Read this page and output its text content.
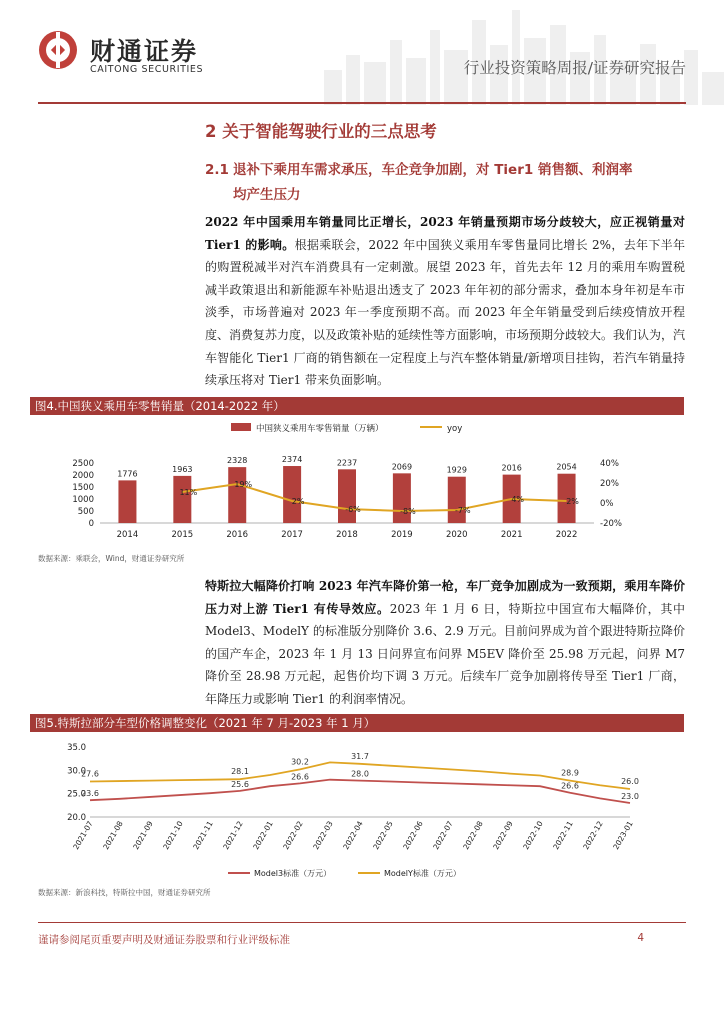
财通证券
CAITONG SECURITIES	行业投资策略周报/证券研究报告
2 关于智能驾驶行业的三点思考
2.1 退补下乘用车需求承压，车企竞争加剧，对 Tier1 销售额、利润率
均产生压力
2022 年中国乘用车销量同比正增长，2023 年销量预期市场分歧较大，应正视销量对 Tier1 的影响。根据乘联会，2022 年中国狭义乘用车零售量同比增长 2%，去年下半年的购置税减半对汽车消费具有一定刺激。展望 2023 年，首先去年 12 月的乘用车购置税减半政策退出和新能源车补贴退出透支了 2023 年年初的部分需求，叠加本身年初是车市淡季，市场普遍对 2023 年一季度预期不高。而 2023 年全年销量受到后续疫情放开程度、消费复苏力度，以及政策补贴的延续性等方面影响，市场预期分歧较大。我们认为，汽车智能化 Tier1 厂商的销售额在一定程度上与汽车整体销量/新增项目挂钩，若汽车销量持续承压将对 Tier1 带来负面影响。
图4.中国狭义乘用车零售销量（2014-2022 年）
中国狭义乘用车零售销量（万辆）	yoy
0
500
1000
1500
2000
2500
-20%
0%
20%
40%
1776
2014
1963
2015
2328
2016
2374
2017
2237
2018
2069
2019
1929
2020
2016
2021
2054
2022
11%
19%
2%
-6%	-8%	-7%
4%	2%
数据来源：乘联会，Wind，财通证券研究所
特斯拉大幅降价打响 2023 年汽车降价第一枪，车厂竞争加剧成为一致预期，乘用车降价压力对上游 Tier1 有传导效应。2023 年 1 月 6 日，特斯拉中国宣布大幅降价，其中 Model3、ModelY 的标准版分别降价 3.6、2.9 万元。目前问界成为首个跟进特斯拉降价的国产车企，2023 年 1 月 13 日问界宣布问界 M5EV 降价至 25.98 万元起，问界 M7 降价至 28.98 万元起，起售价均下调 3 万元。后续车厂竞争加剧将传导至 Tier1 厂商，年降压力或影响 Tier1 的利润率情况。
图5.特斯拉部分车型价格调整变化（2021 年 7 月-2023 年 1 月）
20.0
25.0
30.0
35.0
2021-07 2021-08 2021-09 2021-10 2021-11 2021-12 2022-01 2022-02 2022-03 2022-04 2022-05 2022-06 2022-07 2022-08 2022-09 2022-10 2022-11 2022-12 2023-01
23.6
25.6
26.6	28.0
26.6
23.0
27.6	28.1
30.2
31.7
28.9
26.0
Model3标准（万元）	ModelY标准（万元）
数据来源：新浪科技，特斯拉中国，财通证券研究所
谨请参阅尾页重要声明及财通证券股票和行业评级标准	4
